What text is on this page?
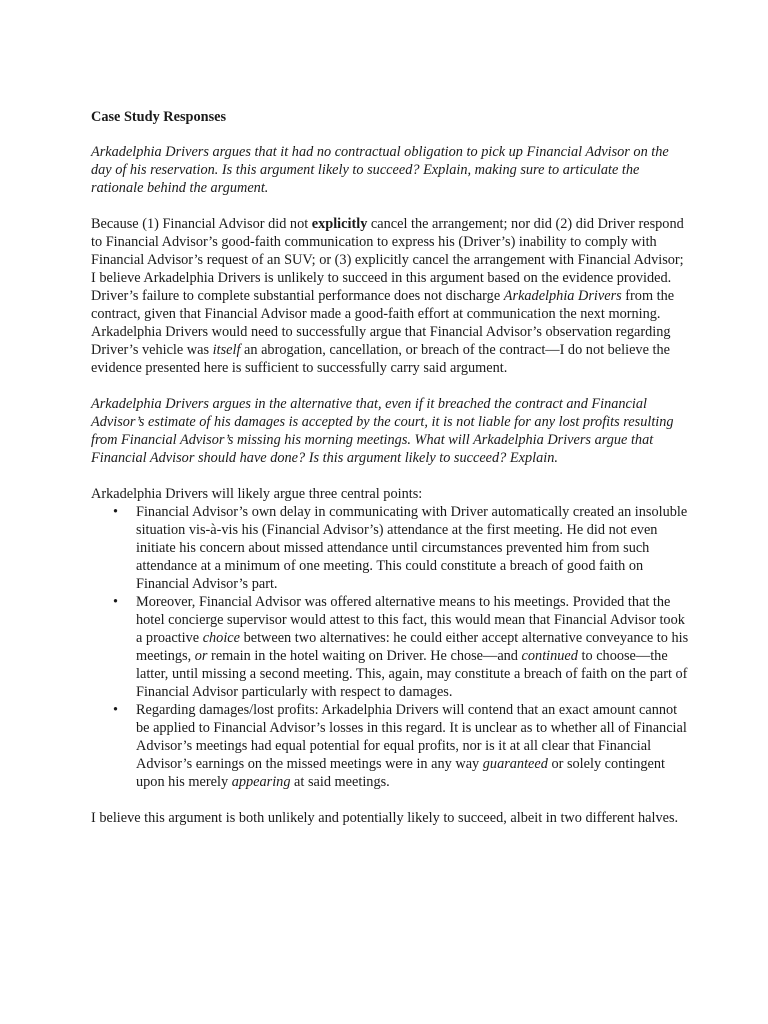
Case Study Responses

Arkadelphia Drivers argues that it had no contractual obligation to pick up Financial Advisor on the day of his reservation. Is this argument likely to succeed? Explain, making sure to articulate the rationale behind the argument.

Because (1) Financial Advisor did not explicitly cancel the arrangement; nor did (2) did Driver respond to Financial Advisor’s good-faith communication to express his (Driver’s) inability to comply with Financial Advisor’s request of an SUV; or (3) explicitly cancel the arrangement with Financial Advisor; I believe Arkadelphia Drivers is unlikely to succeed in this argument based on the evidence provided. Driver’s failure to complete substantial performance does not discharge Arkadelphia Drivers from the contract, given that Financial Advisor made a good-faith effort at communication the next morning. Arkadelphia Drivers would need to successfully argue that Financial Advisor’s observation regarding Driver’s vehicle was itself an abrogation, cancellation, or breach of the contract—I do not believe the evidence presented here is sufficient to successfully carry said argument.

Arkadelphia Drivers argues in the alternative that, even if it breached the contract and Financial Advisor’s estimate of his damages is accepted by the court, it is not liable for any lost profits resulting from Financial Advisor’s missing his morning meetings. What will Arkadelphia Drivers argue that Financial Advisor should have done? Is this argument likely to succeed? Explain.

Arkadelphia Drivers will likely argue three central points:

• Financial Advisor’s own delay in communicating with Driver automatically created an insoluble situation vis-à-vis his (Financial Advisor’s) attendance at the first meeting. He did not even initiate his concern about missed attendance until circumstances prevented him from such attendance at a minimum of one meeting. This could constitute a breach of good faith on Financial Advisor’s part.
• Moreover, Financial Advisor was offered alternative means to his meetings. Provided that the hotel concierge supervisor would attest to this fact, this would mean that Financial Advisor took a proactive choice between two alternatives: he could either accept alternative conveyance to his meetings, or remain in the hotel waiting on Driver. He chose—and continued to choose—the latter, until missing a second meeting. This, again, may constitute a breach of faith on the part of Financial Advisor particularly with respect to damages.
• Regarding damages/lost profits: Arkadelphia Drivers will contend that an exact amount cannot be applied to Financial Advisor’s losses in this regard. It is unclear as to whether all of Financial Advisor’s meetings had equal potential for equal profits, nor is it at all clear that Financial Advisor’s earnings on the missed meetings were in any way guaranteed or solely contingent upon his merely appearing at said meetings.

I believe this argument is both unlikely and potentially likely to succeed, albeit in two different halves.
